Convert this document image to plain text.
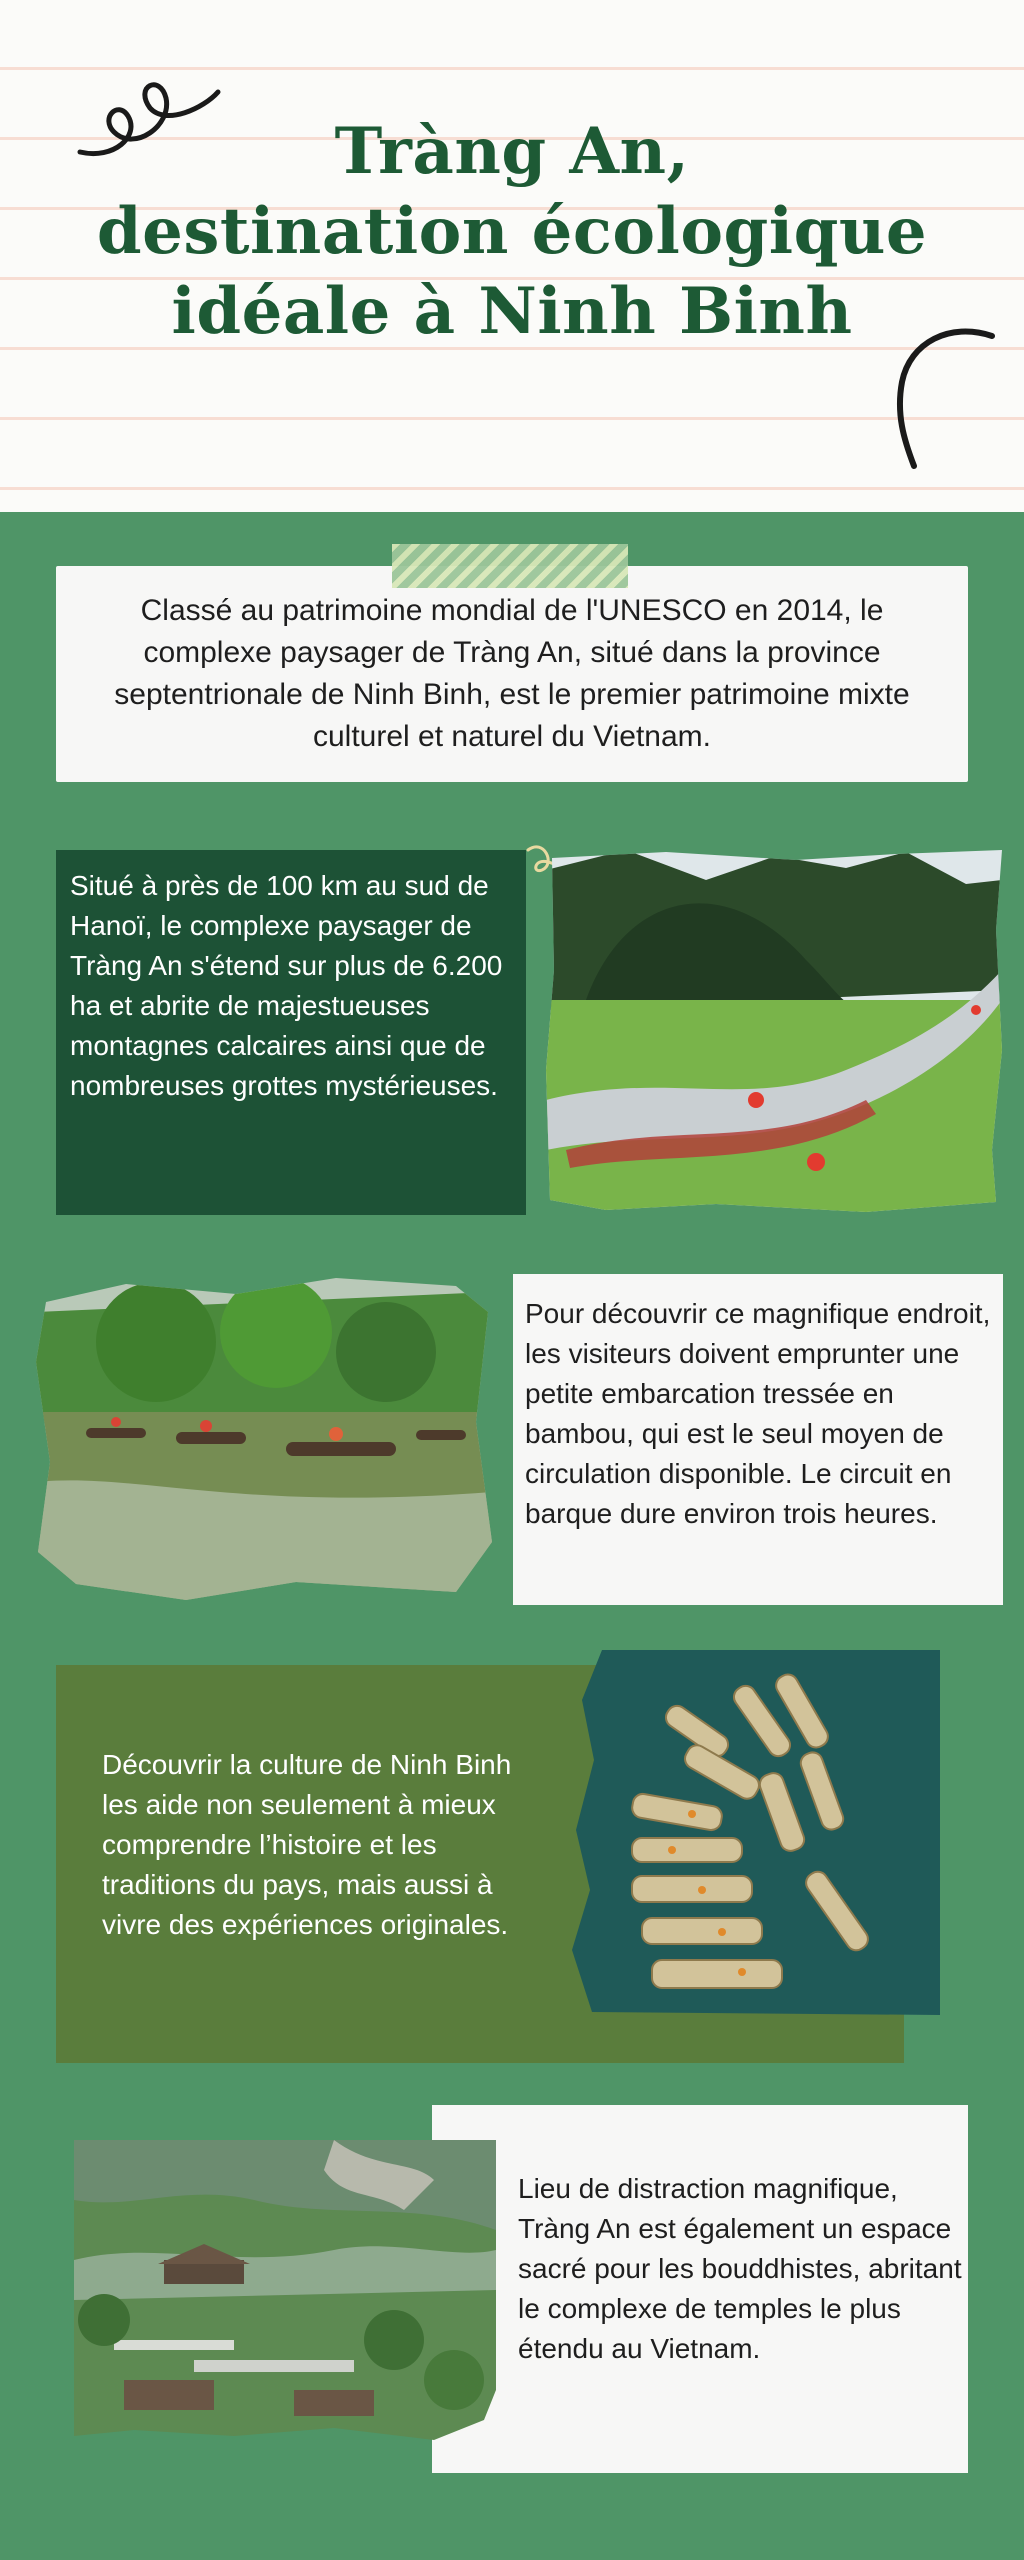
Tràng An,
destination écologique
idéale à Ninh Binh

Classé au patrimoine mondial de l'UNESCO en 2014, le complexe paysager de Tràng An, situé dans la province septentrionale de Ninh Binh, est le premier patrimoine mixte culturel et naturel du Vietnam.

Situé à près de 100 km au sud de Hanoï, le complexe paysager de Tràng An s'étend sur plus de 6.200 ha et abrite de majestueuses montagnes calcaires ainsi que de nombreuses grottes mystérieuses.

Pour découvrir ce magnifique endroit, les visiteurs doivent emprunter une petite embarcation tressée en bambou, qui est le seul moyen de circulation disponible. Le circuit en barque dure environ trois heures.

Découvrir la culture de Ninh Binh les aide non seulement à mieux comprendre l’histoire et les traditions du pays, mais aussi à vivre des expériences originales.

Lieu de distraction magnifique, Tràng An est également un espace sacré pour les bouddhistes, abritant le complexe de temples le plus étendu au Vietnam.
